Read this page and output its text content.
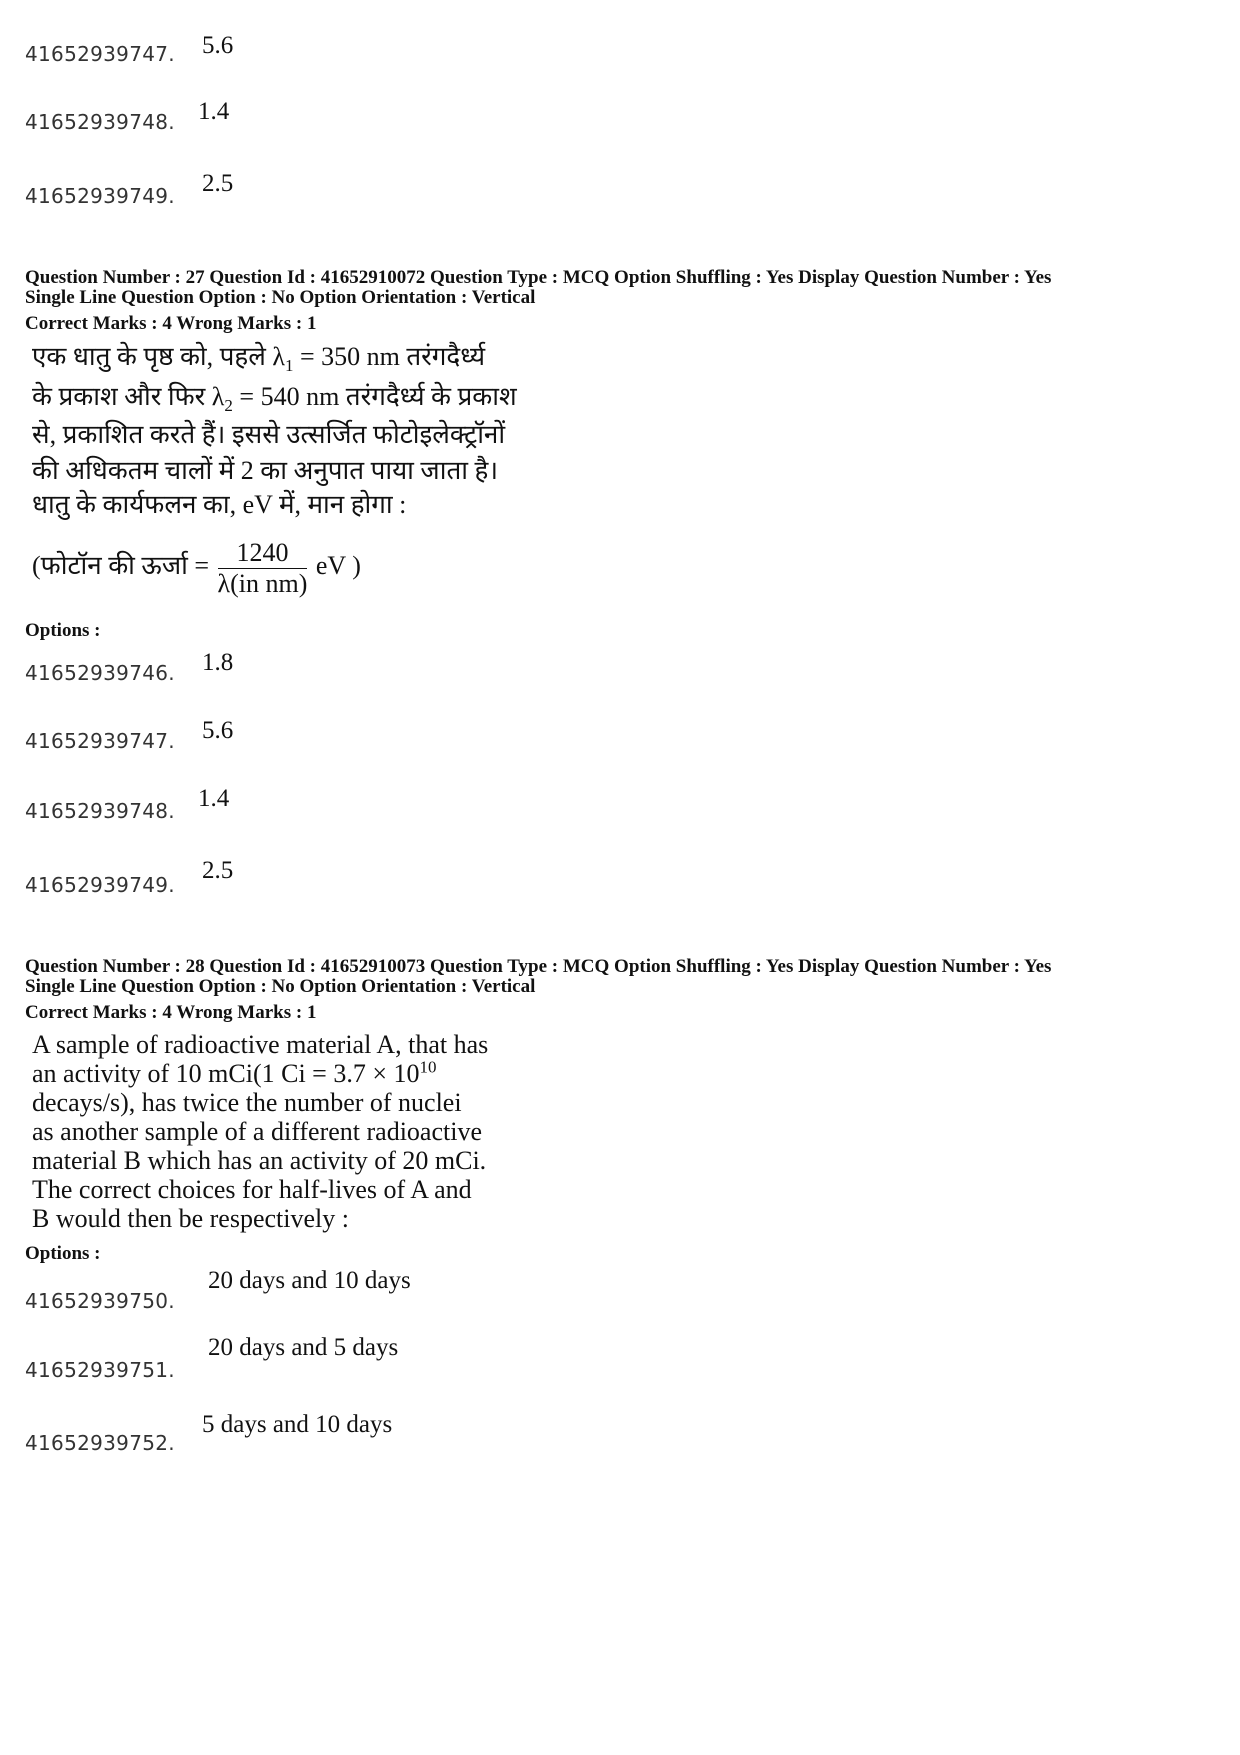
41652939747. 5.6
41652939748. 1.4
41652939749. 2.5
Question Number : 27 Question Id : 41652910072 Question Type : MCQ Option Shuffling : Yes Display Question Number : Yes
Single Line Question Option : No Option Orientation : Vertical
Correct Marks : 4 Wrong Marks : 1
एक धातु के पृष्ठ को, पहले $\lambda_1 = 350$ nm तरंगदैर्ध्य
के प्रकाश और फिर $\lambda_2 = 540$ nm तरंगदैर्ध्य के प्रकाश
से, प्रकाशित करते हैं। इससे उत्सर्जित फोटोइलेक्ट्रॉनों
की अधिकतम चालों में 2 का अनुपात पाया जाता है।
धातु के कार्यफलन का, eV में, मान होगा :
(फोटॉन की ऊर्जा = $\frac{1240}{\text{λ(in nm)}}$ eV )
Options :
41652939746. 1.8
41652939747. 5.6
41652939748. 1.4
41652939749.
2.5
Question Number : 28 Question Id : 41652910073 Question Type : MCQ Option Shuffling : Yes Display Question Number : Yes
Single Line Question Option : No Option Orientation : Vertical
Correct Marks : 4 Wrong Marks : 1
A sample of radioactive material A, that has
an activity of 10 mCi(1 $Ci = 3.7 \times 10^{10}$
decays/s), has twice the number of nuclei
as another sample of a different radioactive
material B which has an activity of 20 mCi.
The correct choices for half-lives of A and
B would then be respectively :
Options :
41652939750.
20 days and 10 days
41652939751.
20 days and 5 days
41652939752.
5 days and 10 days
